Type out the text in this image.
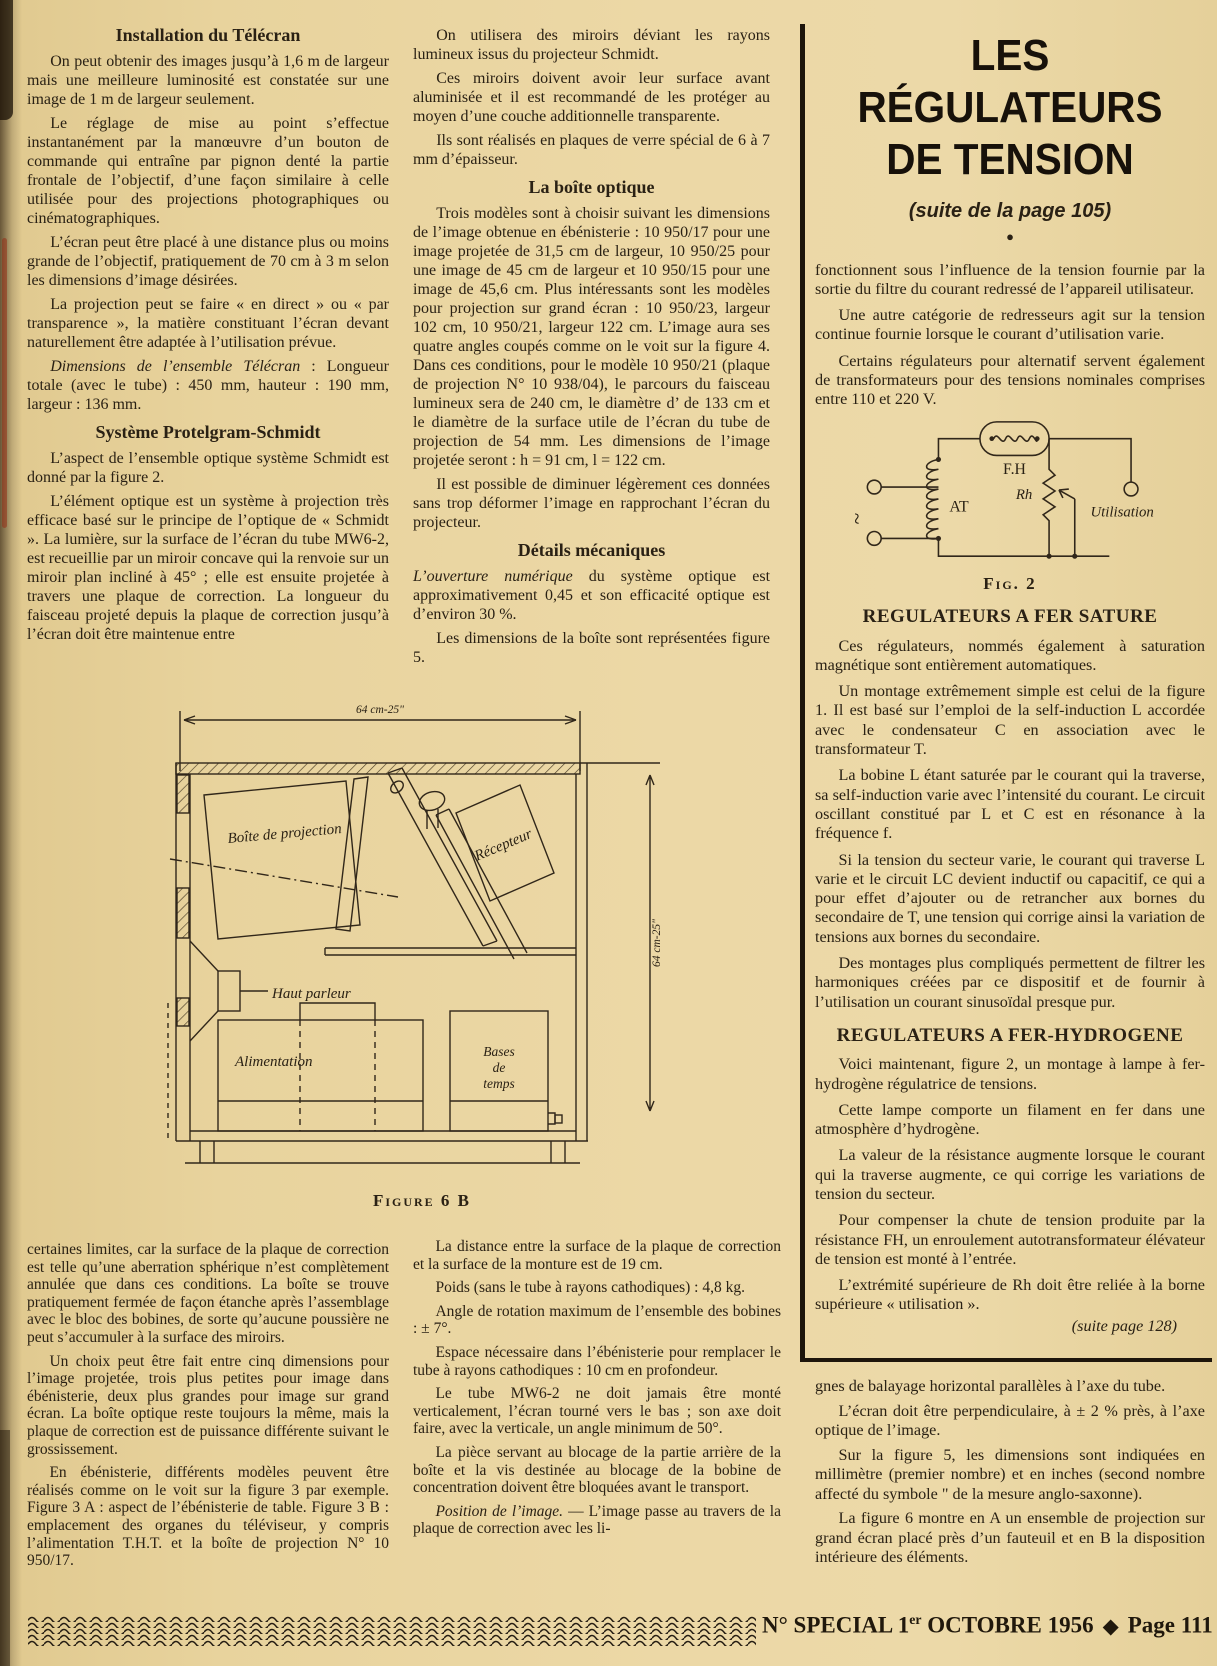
Installation du Télécran

On peut obtenir des images jusqu’à 1,6 m de largeur mais une meilleure luminosité est constatée sur une image de 1 m de largeur seulement.

Le réglage de mise au point s’effectue instantanément par la manœuvre d’un bouton de commande qui entraîne par pignon denté la partie frontale de l’objectif, d’une façon similaire à celle utilisée pour des projections photographiques ou cinématographiques.

L’écran peut être placé à une distance plus ou moins grande de l’objectif, pratiquement de 70 cm à 3 m selon les dimensions d’image désirées.

La projection peut se faire « en direct » ou « par transparence », la matière constituant l’écran devant naturellement être adaptée à l’utilisation prévue.

Dimensions de l’ensemble Télécran : Longueur totale (avec le tube) : 450 mm, hauteur : 190 mm, largeur : 136 mm.

Système Protelgram-Schmidt

L’aspect de l’ensemble optique système Schmidt est donné par la figure 2.

L’élément optique est un système à projection très efficace basé sur le principe de l’optique de « Schmidt ». La lumière, sur la surface de l’écran du tube MW6-2, est recueillie par un miroir concave qui la renvoie sur un miroir plan incliné à 45° ; elle est ensuite projetée à travers une plaque de correction. La longueur du faisceau projeté depuis la plaque de correction jusqu’à l’écran doit être maintenue entre

certaines limites, car la surface de la plaque de correction est telle qu’une aberration sphérique n’est complètement annulée que dans ces conditions. La boîte se trouve pratiquement fermée de façon étanche après l’assemblage avec le bloc des bobines, de sorte qu’aucune poussière ne peut s’accumuler à la surface des miroirs.

Un choix peut être fait entre cinq dimensions pour l’image projetée, trois plus petites pour image dans ébénisterie, deux plus grandes pour image sur grand écran. La boîte optique reste toujours la même, mais la plaque de correction est de puissance différente suivant le grossissement.

En ébénisterie, différents modèles peuvent être réalisés comme on le voit sur la figure 3 par exemple. Figure 3 A : aspect de l’ébénisterie de table. Figure 3 B : emplacement des organes du téléviseur, y compris l’alimentation T.H.T. et la boîte de projection N° 10 950/17.

On utilisera des miroirs déviant les rayons lumineux issus du projecteur Schmidt.

Ces miroirs doivent avoir leur surface avant aluminisée et il est recommandé de les protéger au moyen d’une couche additionnelle transparente.

Ils sont réalisés en plaques de verre spécial de 6 à 7 mm d’épaisseur.

La boîte optique

Trois modèles sont à choisir suivant les dimensions de l’image obtenue en ébénisterie : 10 950/17 pour une image projetée de 31,5 cm de largeur, 10 950/25 pour une image de 45 cm de largeur et 10 950/15 pour une image de 45,6 cm. Plus intéressants sont les modèles pour projection sur grand écran : 10 950/23, largeur 102 cm, 10 950/21, largeur 122 cm. L’image aura ses quatre angles coupés comme on le voit sur la figure 4. Dans ces conditions, pour le modèle 10 950/21 (plaque de projection N° 10 938/04), le parcours du faisceau lumineux sera de 240 cm, le diamètre d’ de 133 cm et le diamètre de la surface utile de l’écran du tube de projection de 54 mm. Les dimensions de l’image projetée seront : h = 91 cm, l = 122 cm.

Il est possible de diminuer légèrement ces données sans trop déformer l’image en rapprochant l’écran du projecteur.

Détails mécaniques

L’ouverture numérique du système optique est approximativement 0,45 et son efficacité optique est d’environ 30 %.

Les dimensions de la boîte sont représentées figure 5.

La distance entre la surface de la plaque de correction et la surface de la monture est de 19 cm.

Poids (sans le tube à rayons cathodiques) : 4,8 kg.

Angle de rotation maximum de l’ensemble des bobines : ± 7°.

Espace nécessaire dans l’ébénisterie pour remplacer le tube à rayons cathodiques : 10 cm en profondeur.

Le tube MW6-2 ne doit jamais être monté verticalement, l’écran tourné vers le bas ; son axe doit faire, avec la verticale, un angle minimum de 50°.

La pièce servant au blocage de la partie arrière de la boîte et la vis destinée au blocage de la bobine de concentration doivent être bloquées avant le transport.

Position de l’image. — L’image passe au travers de la plaque de correction avec les li-

64 cm-25"
64 cm-25"
Boîte de projection	Récepteur
Haut parleur
Alimentation
Bases
de
temps
Figure 6 B
LES RÉGULATEURS
DE TENSION
(suite de la page 105)
●

fonctionnent sous l’influence de la tension fournie par la sortie du filtre du courant redressé de l’appareil utilisateur.

Une autre catégorie de redresseurs agit sur la tension continue fournie lorsque le courant d’utilisation varie.

Certains régulateurs pour alternatif servent également de transformateurs pour des tensions nominales comprises entre 110 et 220 V.

~
AT
F.H
Rh
Utilisation
Fig. 2
REGULATEURS A FER SATURE

Ces régulateurs, nommés également à saturation magnétique sont entièrement automatiques.

Un montage extrêmement simple est celui de la figure 1. Il est basé sur l’emploi de la self-induction L accordée avec le condensateur C en association avec le transformateur T.

La bobine L étant saturée par le courant qui la traverse, sa self-induction varie avec l’intensité du courant. Le circuit oscillant constitué par L et C est en résonance à la fréquence f.

Si la tension du secteur varie, le courant qui traverse L varie et le circuit LC devient inductif ou capacitif, ce qui a pour effet d’ajouter ou de retrancher aux bornes du secondaire de T, une tension qui corrige ainsi la variation de tensions aux bornes du secondaire.

Des montages plus compliqués permettent de filtrer les harmoniques créées par ce dispositif et de fournir à l’utilisation un courant sinusoïdal presque pur.

REGULATEURS A FER-HYDROGENE

Voici maintenant, figure 2, un montage à lampe à fer-hydrogène régulatrice de tensions.

Cette lampe comporte un filament en fer dans une atmosphère d’hydrogène.

La valeur de la résistance augmente lorsque le courant qui la traverse augmente, ce qui corrige les variations de tension du secteur.

Pour compenser la chute de tension produite par la résistance FH, un enroulement autotransformateur élévateur de tension est monté à l’entrée.

L’extrémité supérieure de Rh doit être reliée à la borne supérieure « utilisation ».

(suite page 128)

gnes de balayage horizontal parallèles à l’axe du tube.

L’écran doit être perpendiculaire, à ± 2 % près, à l’axe optique de l’image.

Sur la figure 5, les dimensions sont indiquées en millimètre (premier nombre) et en inches (second nombre affecté du symbole " de la mesure anglo-saxonne).

La figure 6 montre en A un ensemble de projection sur grand écran placé près d’un fauteuil et en B la disposition intérieure des éléments.

N° SPECIAL 1er OCTOBRE 1956 ◆ Page 111
